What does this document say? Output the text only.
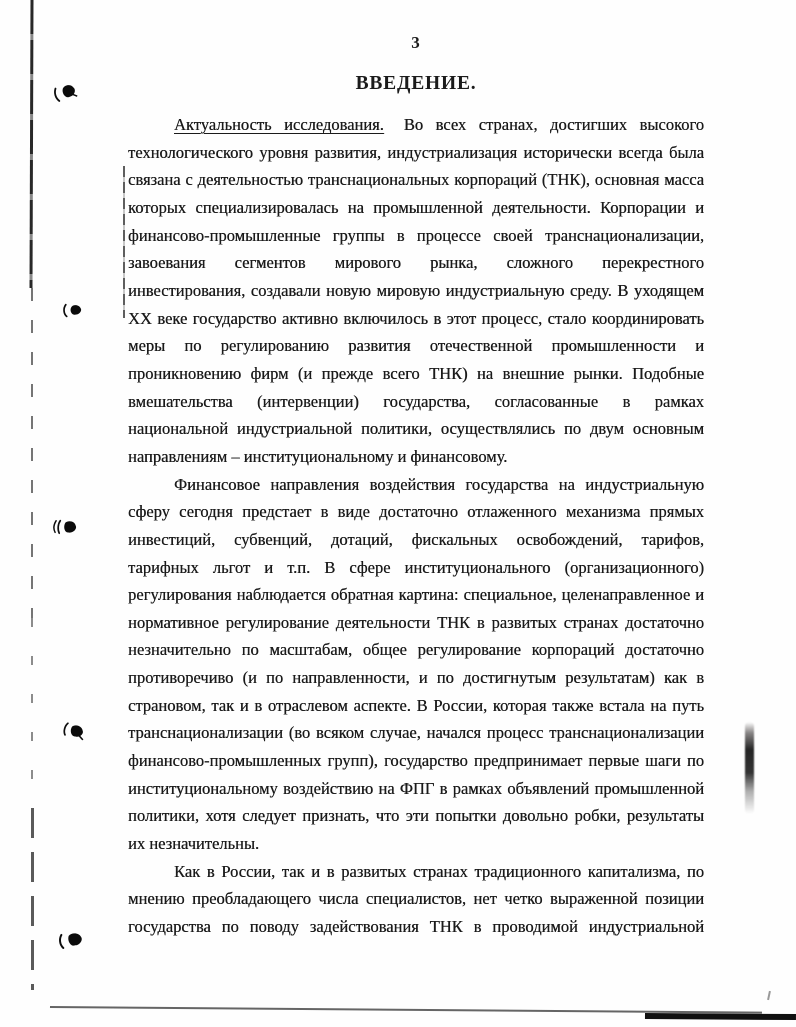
3
ВВЕДЕНИЕ.
Актуальность исследования. Во всех странах, достигших высокого
технологического уровня развития, индустриализация исторически всегда была
связана с деятельностью транснациональных корпораций (ТНК), основная масса
которых специализировалась на промышленной деятельности. Корпорации и
финансово-промышленные группы в процессе своей транснационализации,
завоевания сегментов мирового рынка, сложного перекрестного
инвестирования, создавали новую мировую индустриальную среду. В уходящем
XX веке государство активно включилось в этот процесс, стало координировать
меры по регулированию развития отечественной промышленности и
проникновению фирм (и прежде всего ТНК) на внешние рынки. Подобные
вмешательства (интервенции) государства, согласованные в рамках
национальной индустриальной политики, осуществлялись по двум основным
направлениям – институциональному и финансовому.
Финансовое направления воздействия государства на индустриальную
сферу сегодня предстает в виде достаточно отлаженного механизма прямых
инвестиций, субвенций, дотаций, фискальных освобождений, тарифов,
тарифных льгот и т.п. В сфере институционального (организационного)
регулирования наблюдается обратная картина: специальное, целенаправленное и
нормативное регулирование деятельности ТНК в развитых странах достаточно
незначительно по масштабам, общее регулирование корпораций достаточно
противоречиво (и по направленности, и по достигнутым результатам) как в
страновом, так и в отраслевом аспекте. В России, которая также встала на путь
транснационализации (во всяком случае, начался процесс транснационализации
финансово-промышленных групп), государство предпринимает первые шаги по
институциональному воздействию на ФПГ в рамках объявлений промышленной
политики, хотя следует признать, что эти попытки довольно робки, результаты
их незначительны.
Как в России, так и в развитых странах традиционного капитализма, по
мнению преобладающего числа специалистов, нет четко выраженной позиции
государства по поводу задействования ТНК в проводимой индустриальной
